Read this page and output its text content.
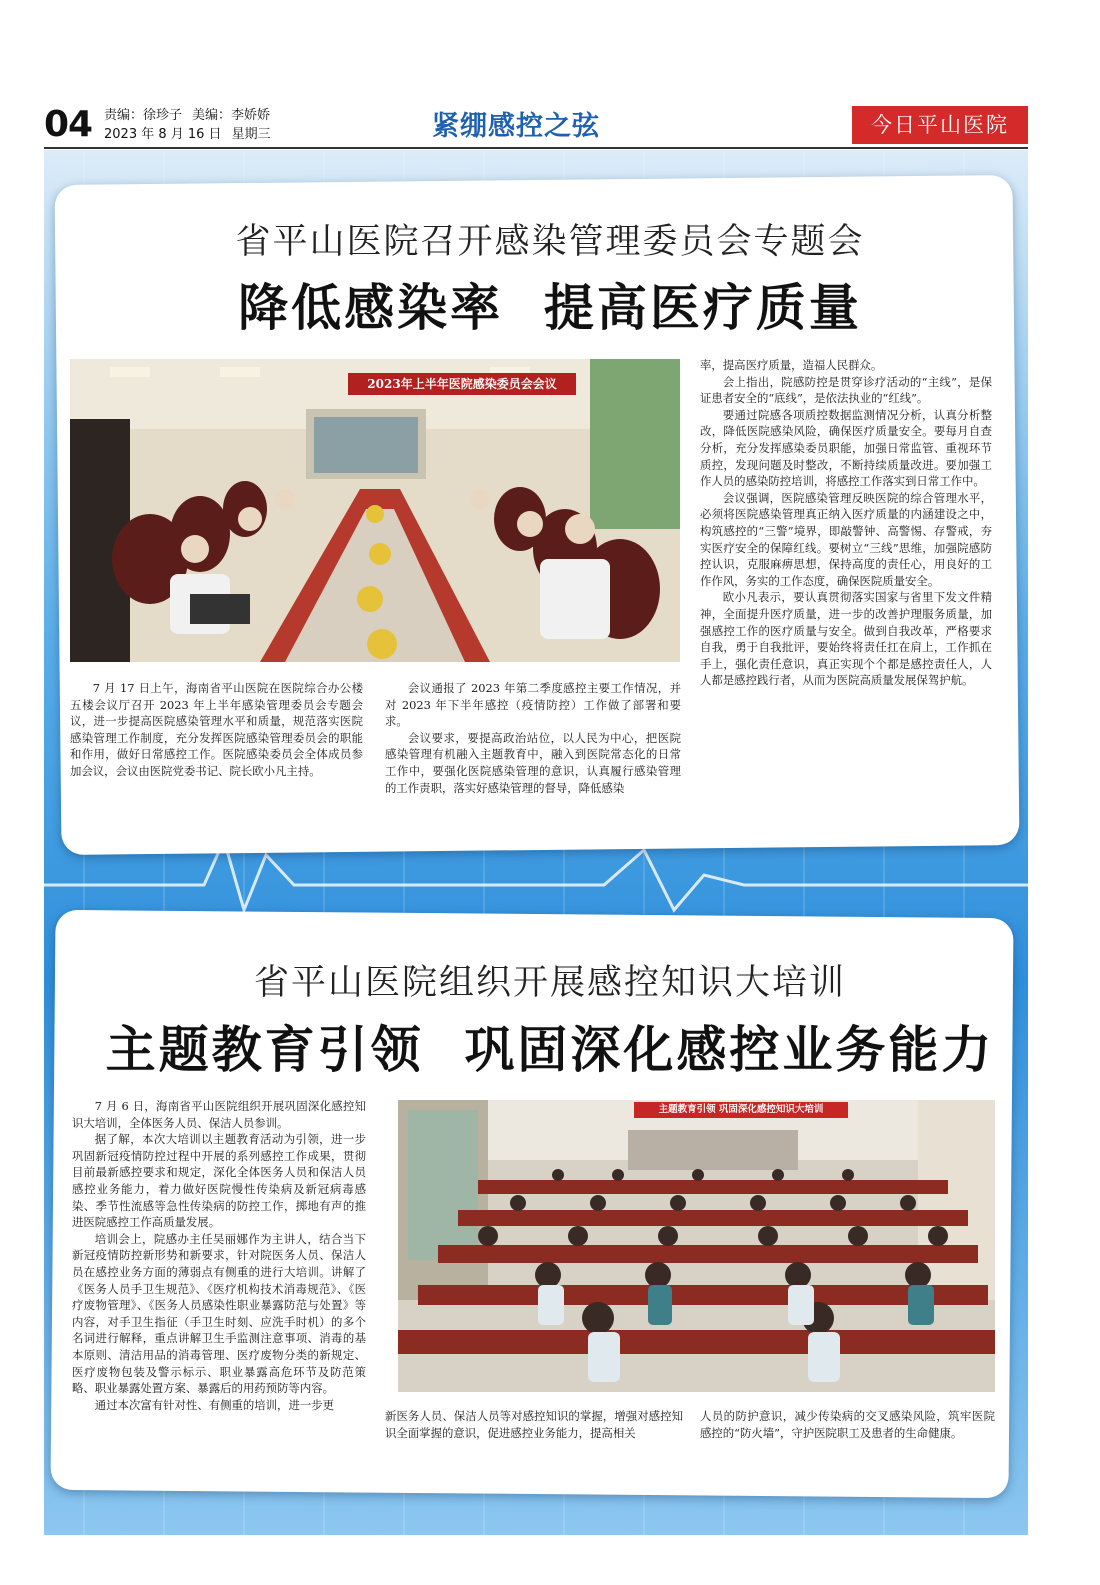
04 责编：徐珍子 美编：李娇娇
2023 年 8 月 16 日 星期三	紧绷感控之弦	今日平山医院
省平山医院召开感染管理委员会专题会
降低感染率  提高医疗质量
2023年上半年医院感染委员会会议

7 月 17 日上午，海南省平山医院在医院综合办公楼五楼会议厅召开 2023 年上半年感染管理委员会专题会议，进一步提高医院感染管理水平和质量，规范落实医院感染管理工作制度，充分发挥医院感染管理委员会的职能和作用，做好日常感控工作。医院感染委员会全体成员参加会议，会议由医院党委书记、院长欧小凡主持。

会议通报了 2023 年第二季度感控主要工作情况，并对 2023 年下半年感控（疫情防控）工作做了部署和要求。

会议要求，要提高政治站位，以人民为中心，把医院感染管理有机融入主题教育中，融入到医院常态化的日常工作中，要强化医院感染管理的意识，认真履行感染管理的工作责职，落实好感染管理的督导，降低感染

率，提高医疗质量，造福人民群众。

会上指出，院感防控是贯穿诊疗活动的“主线”，是保证患者安全的“底线”，是依法执业的“红线”。

要通过院感各项质控数据监测情况分析，认真分析整改，降低医院感染风险，确保医疗质量安全。要每月自查分析，充分发挥感染委员职能，加强日常监管、重视环节质控，发现问题及时整改，不断持续质量改进。要加强工作人员的感染防控培训，将感控工作落实到日常工作中。

会议强调，医院感染管理反映医院的综合管理水平，必须将医院感染管理真正纳入医疗质量的内涵建设之中，构筑感控的“三警”境界，即敲警钟、高警惕、存警戒，夯实医疗安全的保障红线。要树立“三线”思维，加强院感防控认识，克服麻痹思想，保持高度的责任心，用良好的工作作风，务实的工作态度，确保医院质量安全。

欧小凡表示，要认真贯彻落实国家与省里下发文件精神，全面提升医疗质量，进一步的改善护理服务质量，加强感控工作的医疗质量与安全。做到自我改革，严格要求自我，勇于自我批评，要始终将责任扛在肩上，工作抓在手上，强化责任意识，真正实现个个都是感控责任人，人人都是感控践行者，从而为医院高质量发展保驾护航。

省平山医院组织开展感控知识大培训
主题教育引领  巩固深化感控业务能力

7 月 6 日，海南省平山医院组织开展巩固深化感控知识大培训，全体医务人员、保洁人员参训。

据了解，本次大培训以主题教育活动为引领，进一步巩固新冠疫情防控过程中开展的系列感控工作成果，贯彻目前最新感控要求和规定，深化全体医务人员和保洁人员感控业务能力，着力做好医院慢性传染病及新冠病毒感染、季节性流感等急性传染病的防控工作，掷地有声的推进医院感控工作高质量发展。

培训会上，院感办主任吴丽娜作为主讲人，结合当下新冠疫情防控新形势和新要求，针对院医务人员、保洁人员在感控业务方面的薄弱点有侧重的进行大培训。讲解了《医务人员手卫生规范》、《医疗机构技术消毒规范》、《医疗废物管理》、《医务人员感染性职业暴露防范与处置》等内容，对手卫生指征（手卫生时刻、应洗手时机）的多个名词进行解释，重点讲解卫生手监测注意事项、消毒的基本原则、清洁用品的消毒管理、医疗废物分类的新规定、医疗废物包装及警示标示、职业暴露高危环节及防范策略、职业暴露处置方案、暴露后的用药预防等内容。

通过本次富有针对性、有侧重的培训，进一步更

主题教育引领 巩固深化感控知识大培训

新医务人员、保洁人员等对感控知识的掌握，增强对感控知识全面掌握的意识，促进感控业务能力，提高相关

人员的防护意识，减少传染病的交叉感染风险，筑牢医院感控的“防火墙”，守护医院职工及患者的生命健康。
